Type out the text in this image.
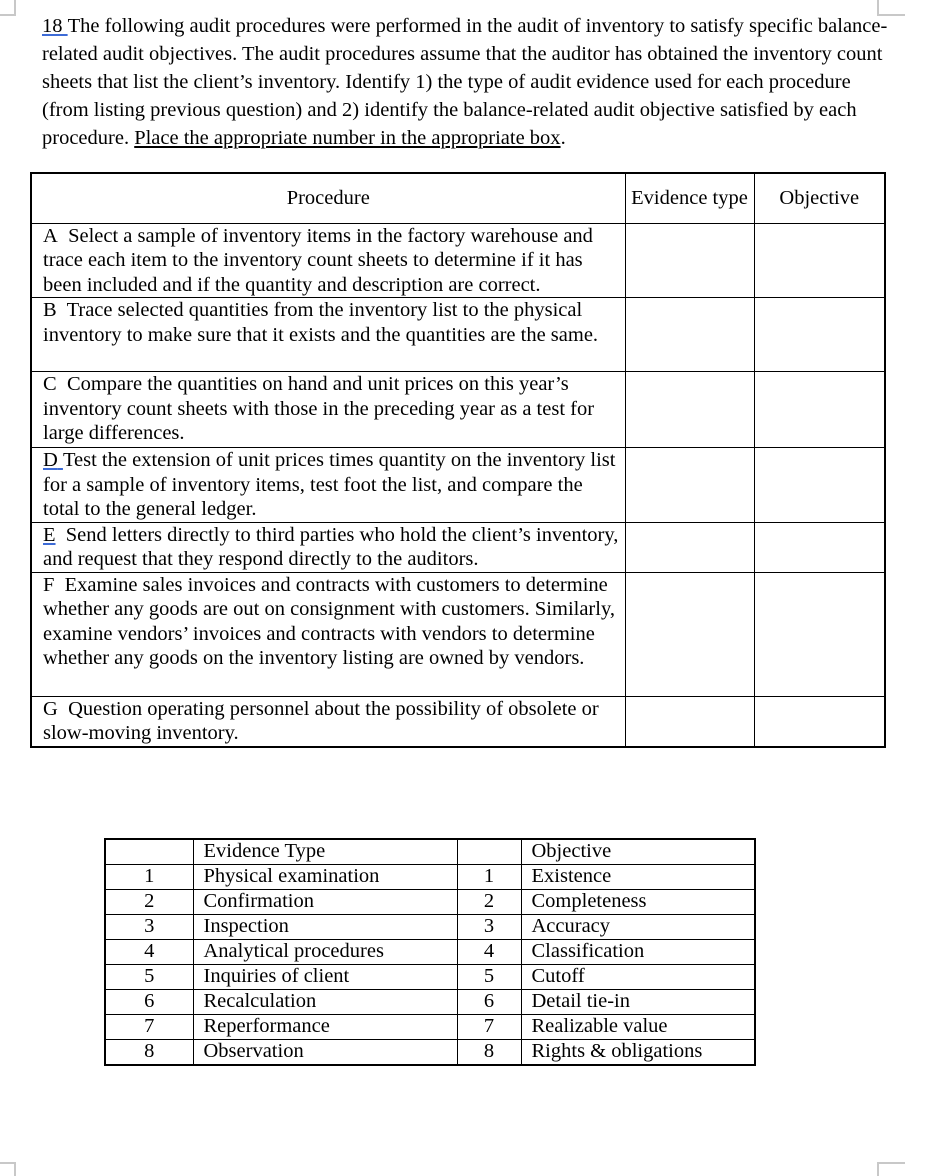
18 The following audit procedures were performed in the audit of inventory to satisfy specific balance-related audit objectives. The audit procedures assume that the auditor has obtained the inventory count sheets that list the client’s inventory. Identify 1) the type of audit evidence used for each procedure (from listing previous question) and 2) identify the balance-related audit objective satisfied by each procedure. Place the appropriate number in the appropriate box.

Procedure	Evidence type	Objective
A Select a sample of inventory items in the factory warehouse and trace each item to the inventory count sheets to determine if it has been included and if the quantity and description are correct.		
B Trace selected quantities from the inventory list to the physical inventory to make sure that it exists and the quantities are the same.		
C Compare the quantities on hand and unit prices on this year’s inventory count sheets with those in the preceding year as a test for large differences.		
D Test the extension of unit prices times quantity on the inventory list for a sample of inventory items, test foot the list, and compare the total to the general ledger.		
E Send letters directly to third parties who hold the client’s inventory, and request that they respond directly to the auditors.		
F Examine sales invoices and contracts with customers to determine whether any goods are out on consignment with customers. Similarly, examine vendors’ invoices and contracts with vendors to determine whether any goods on the inventory listing are owned by vendors.		
G Question operating personnel about the possibility of obsolete or slow-moving inventory.		
	Evidence Type		Objective
1	Physical examination	1	Existence
2	Confirmation	2	Completeness
3	Inspection	3	Accuracy
4	Analytical procedures	4	Classification
5	Inquiries of client	5	Cutoff
6	Recalculation	6	Detail tie-in
7	Reperformance	7	Realizable value
8	Observation	8	Rights & obligations
